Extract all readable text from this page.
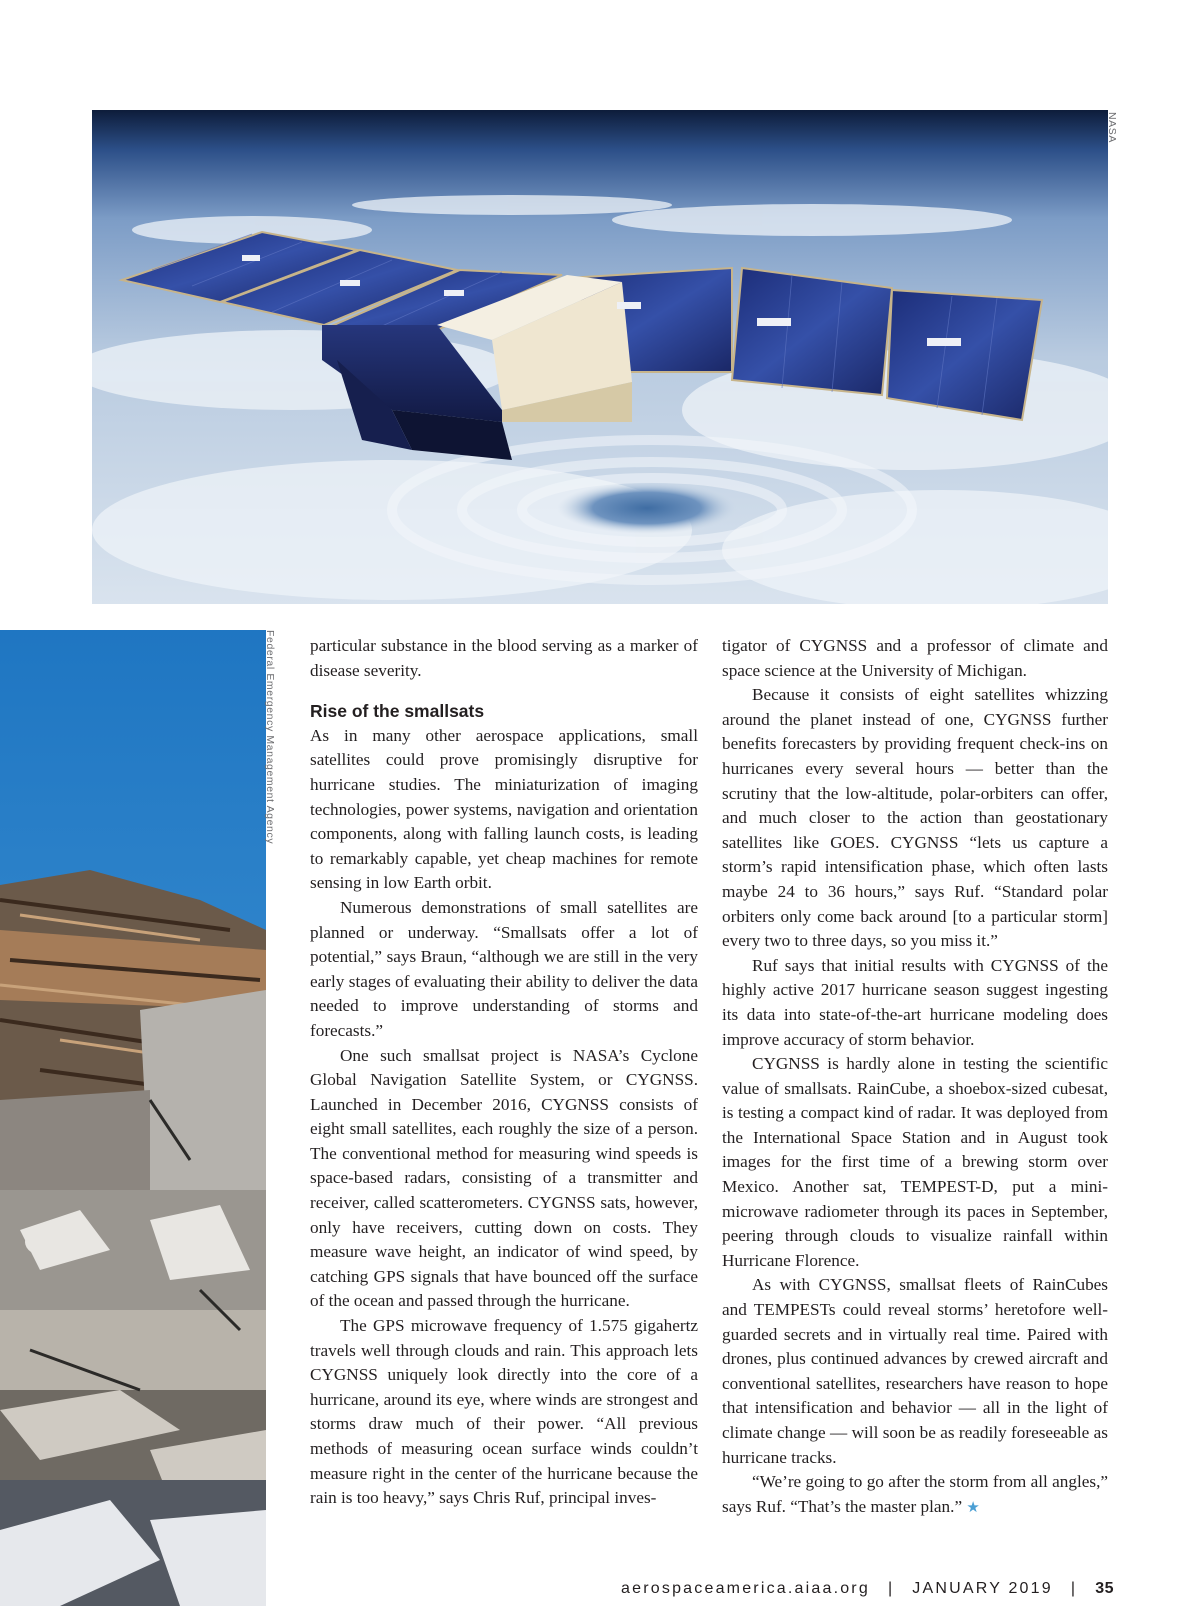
NASA
Federal Emergency Management Agency particular substance in the blood serving as a marker of disease severity.

Rise of the smallsats

As in many other aerospace applications, small satellites could prove promisingly disruptive for hurricane studies. The miniaturization of imaging technologies, power systems, navigation and orientation components, along with falling launch costs, is leading to remarkably capable, yet cheap machines for remote sensing in low Earth orbit.

Numerous demonstrations of small satellites are planned or underway. “Smallsats offer a lot of potential,” says Braun, “although we are still in the very early stages of evaluating their ability to deliver the data needed to improve understanding of storms and forecasts.”

One such smallsat project is NASA’s Cyclone Global Navigation Satellite System, or CYGNSS. Launched in December 2016, CYGNSS consists of eight small satellites, each roughly the size of a person. The conventional method for measuring wind speeds is space-based radars, consisting of a transmitter and receiver, called scatterometers. CYGNSS sats, however, only have receivers, cutting down on costs. They measure wave height, an indicator of wind speed, by catching GPS signals that have bounced off the surface of the ocean and passed through the hurricane.

The GPS microwave frequency of 1.575 gigahertz travels well through clouds and rain. This approach lets CYGNSS uniquely look directly into the core of a hurricane, around its eye, where winds are strongest and storms draw much of their power. “All previous methods of measuring ocean surface winds couldn’t measure right in the center of the hurricane because the rain is too heavy,” says Chris Ruf, principal inves-

tigator of CYGNSS and a professor of climate and space science at the University of Michigan.

Because it consists of eight satellites whizzing around the planet instead of one, CYGNSS further benefits forecasters by providing frequent check-ins on hurricanes every several hours — better than the scrutiny that the low-altitude, polar-orbiters can offer, and much closer to the action than geostationary satellites like GOES. CYGNSS “lets us capture a storm’s rapid intensification phase, which often lasts maybe 24 to 36 hours,” says Ruf. “Standard polar orbiters only come back around [to a particular storm] every two to three days, so you miss it.”

Ruf says that initial results with CYGNSS of the highly active 2017 hurricane season suggest ingesting its data into state-of-the-art hurricane modeling does improve accuracy of storm behavior.

CYGNSS is hardly alone in testing the scientific value of smallsats. RainCube, a shoebox-sized cubesat, is testing a compact kind of radar. It was deployed from the International Space Station and in August took images for the first time of a brewing storm over Mexico. Another sat, TEMPEST-D, put a mini-microwave radiometer through its paces in September, peering through clouds to visualize rainfall within Hurricane Florence.

As with CYGNSS, smallsat fleets of RainCubes and TEMPESTs could reveal storms’ heretofore well-guarded secrets and in virtually real time. Paired with drones, plus continued advances by crewed aircraft and conventional satellites, researchers have reason to hope that intensification and behavior — all in the light of climate change — will soon be as readily foreseeable as hurricane tracks.

“We’re going to go after the storm from all angles,” says Ruf. “That’s the master plan.” ★

aerospaceamerica.aiaa.org | JANUARY 2019 | 35
